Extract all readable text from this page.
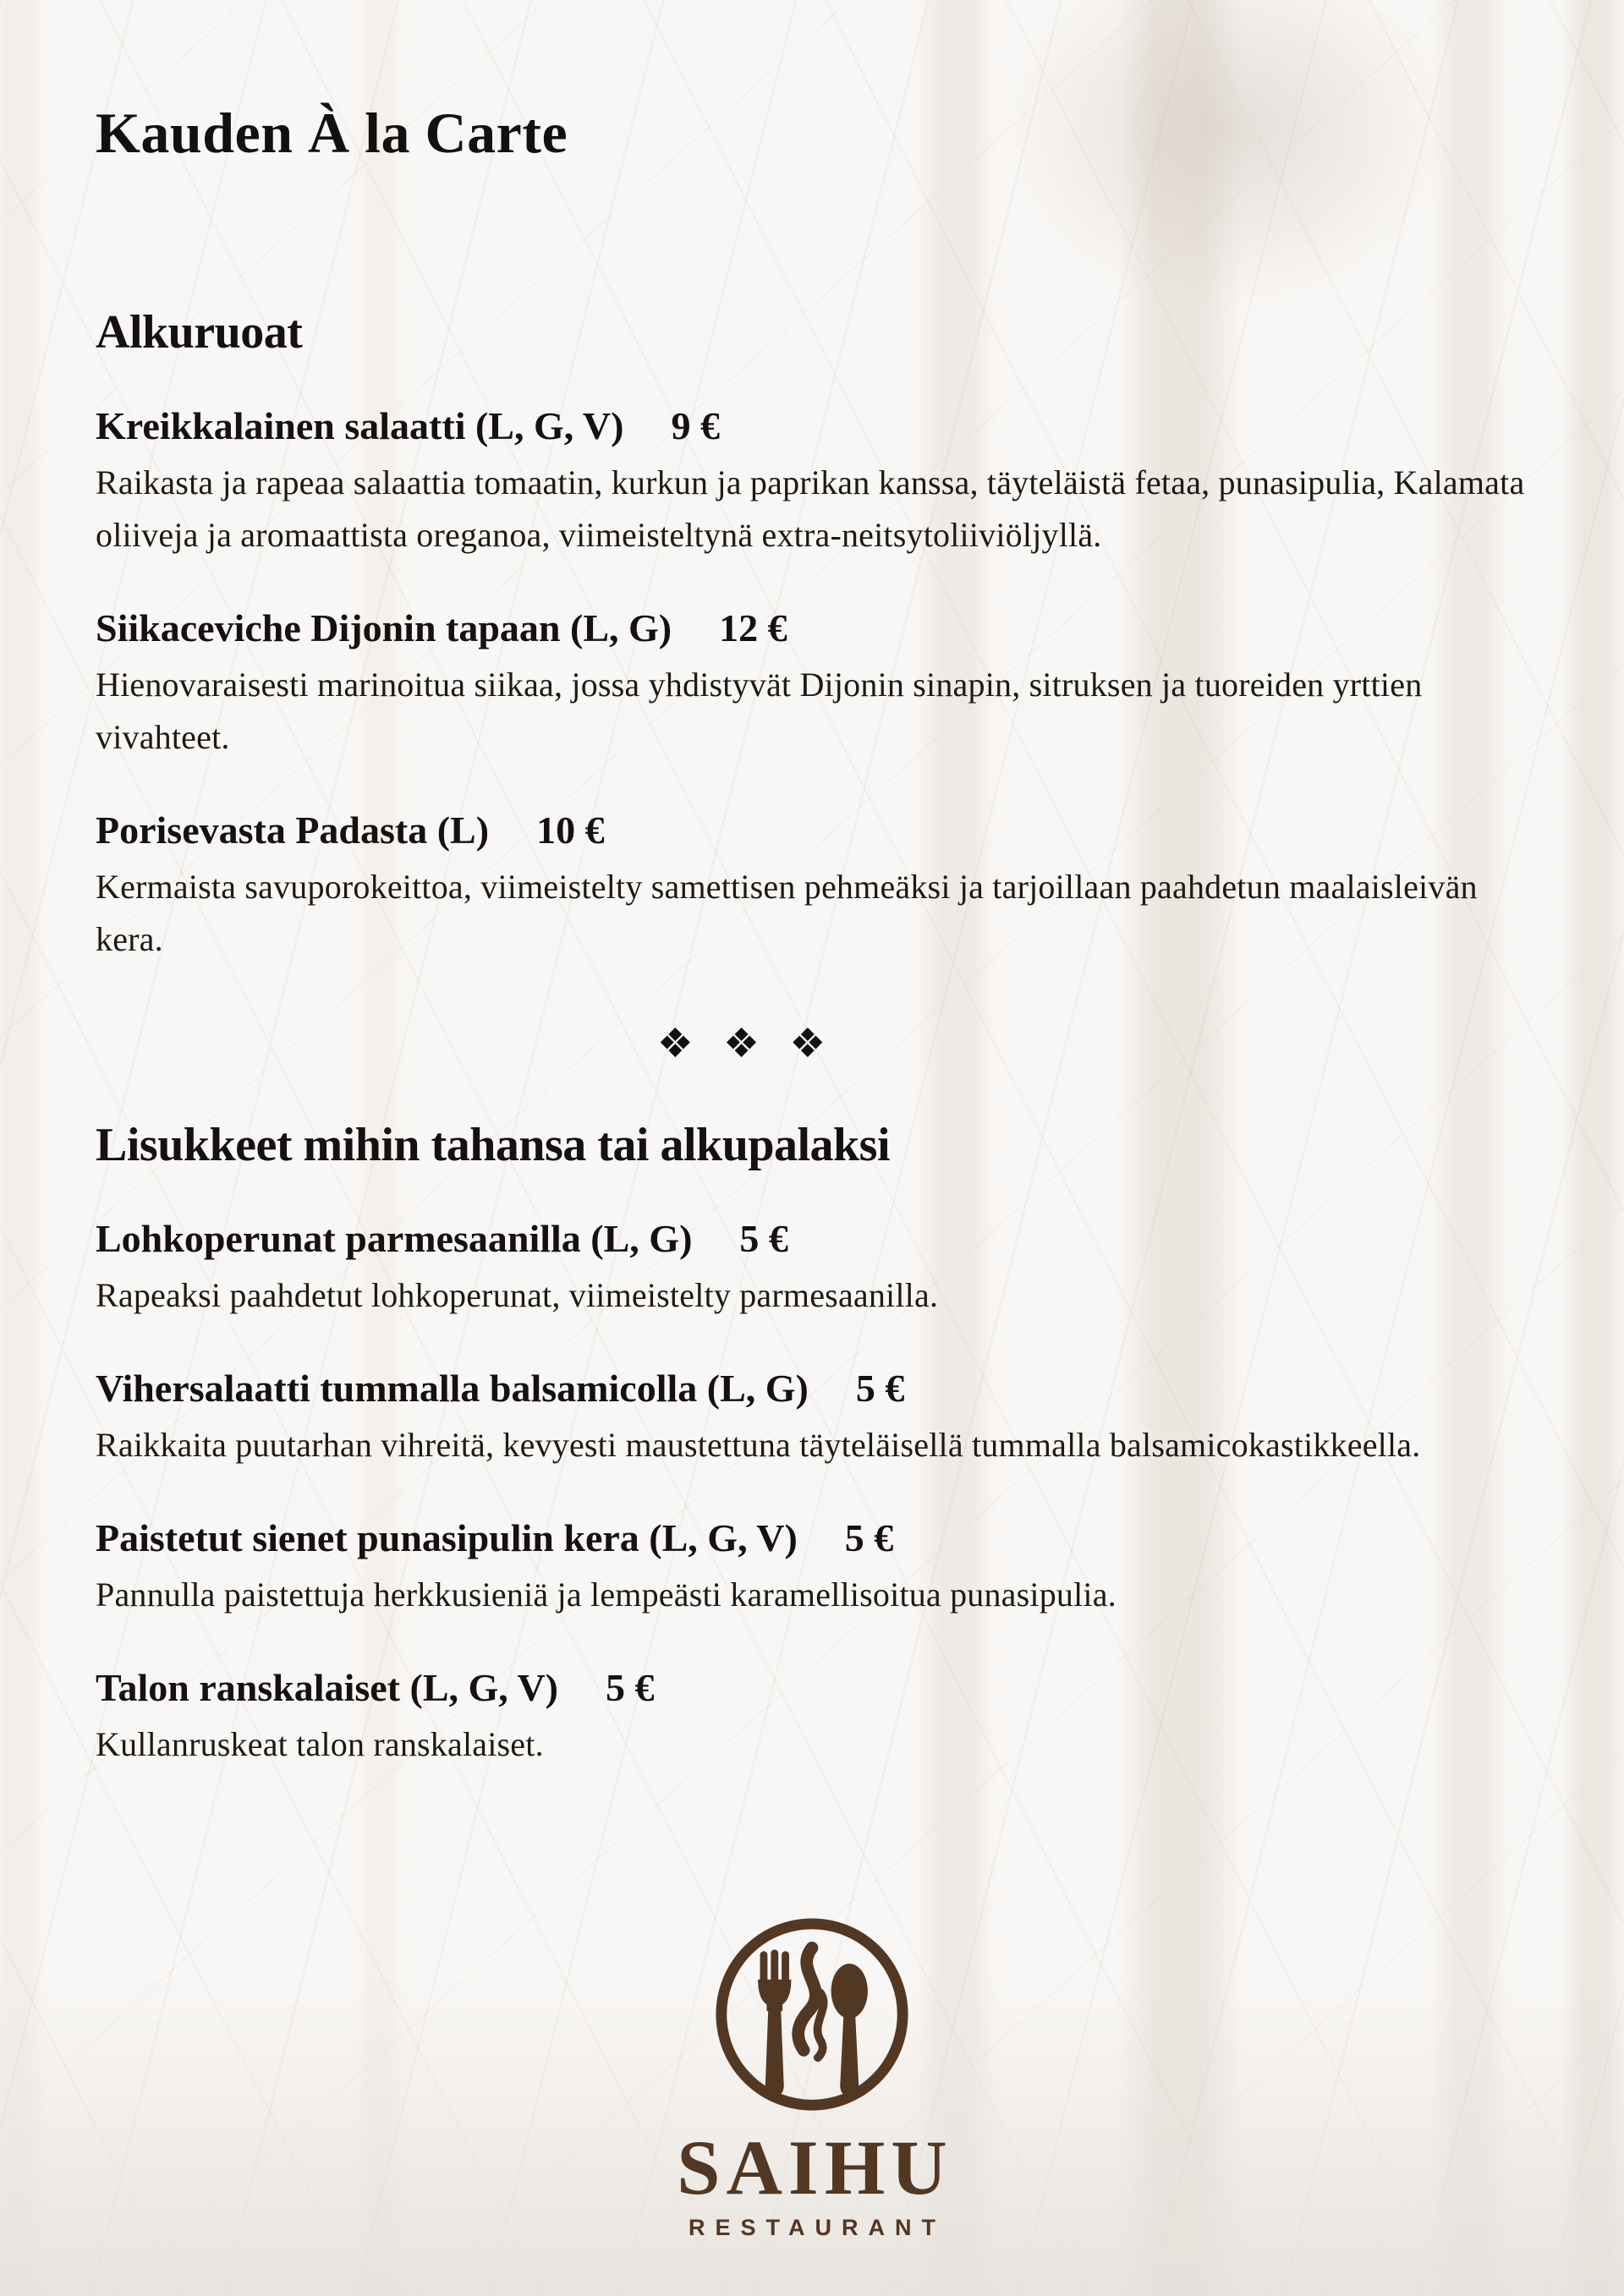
Kauden À la Carte
Alkuruoat
Kreikkalainen salaatti (L, G, V) 9 €

Raikasta ja rapeaa salaattia tomaatin, kurkun ja paprikan kanssa, täyteläistä fetaa, punasipulia, Kalamata oliiveja ja aromaattista oreganoa, viimeisteltynä extra-neitsytoliiviöljyllä.

Siikaceviche Dijonin tapaan (L, G) 12 €

Hienovaraisesti marinoitua siikaa, jossa yhdistyvät Dijonin sinapin, sitruksen ja tuoreiden yrttien vivahteet.

Porisevasta Padasta (L) 10 €

Kermaista savuporokeittoa, viimeistelty samettisen pehmeäksi ja tarjoillaan paahdetun maalaisleivän kera.

❖ ❖ ❖
Lisukkeet mihin tahansa tai alkupalaksi
Lohkoperunat parmesaanilla (L, G) 5 €

Rapeaksi paahdetut lohkoperunat, viimeistelty parmesaanilla.

Vihersalaatti tummalla balsamicolla (L, G) 5 €

Raikkaita puutarhan vihreitä, kevyesti maustettuna täyteläisellä tummalla balsamicokastikkeella.

Paistetut sienet punasipulin kera (L, G, V) 5 €

Pannulla paistettuja herkkusieniä ja lempeästi karamellisoitua punasipulia.

Talon ranskalaiset (L, G, V) 5 €

Kullanruskeat talon ranskalaiset.

SAIHU
RESTAURANT
